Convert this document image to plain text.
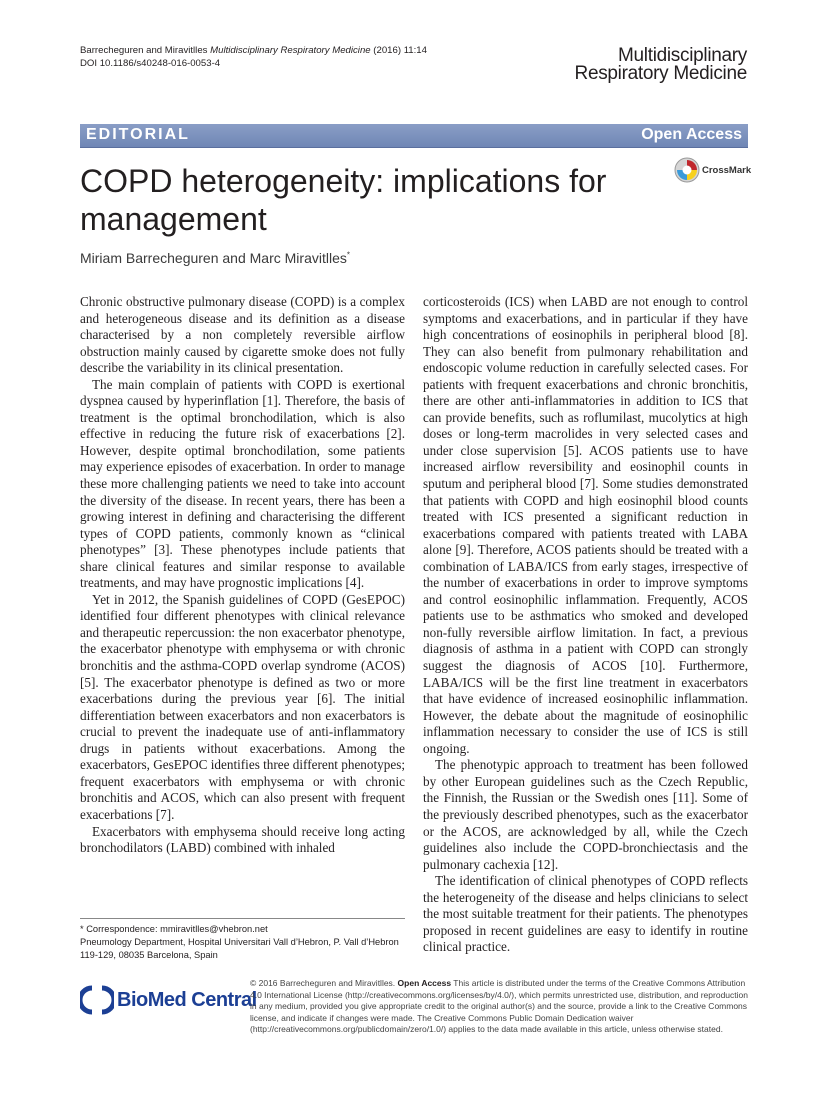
Barrecheguren and Miravitlles Multidisciplinary Respiratory Medicine (2016) 11:14
DOI 10.1186/s40248-016-0053-4	Multidisciplinary
Respiratory Medicine
EDITORIAL	Open Access
CrossMark
COPD heterogeneity: implications for management
Miriam Barrecheguren and Marc Miravitlles*

Chronic obstructive pulmonary disease (COPD) is a complex and heterogeneous disease and its definition as a disease characterised by a non completely reversible airflow obstruction mainly caused by cigarette smoke does not fully describe the variability in its clinical presentation.

The main complain of patients with COPD is exertional dyspnea caused by hyperinflation [1]. Therefore, the basis of treatment is the optimal bronchodilation, which is also effective in reducing the future risk of exacerbations [2]. However, despite optimal bronchodilation, some patients may experience episodes of exacerbation. In order to manage these more challenging patients we need to take into account the diversity of the disease. In recent years, there has been a growing interest in defining and characterising the different types of COPD patients, commonly known as “clinical phenotypes” [3]. These phenotypes include patients that share clinical features and similar response to available treatments, and may have prognostic implications [4].

Yet in 2012, the Spanish guidelines of COPD (GesEPOC) identified four different phenotypes with clinical relevance and therapeutic repercussion: the non exacerbator phenotype, the exacerbator phenotype with emphysema or with chronic bronchitis and the asthma-COPD overlap syndrome (ACOS) [5]. The exacerbator phenotype is defined as two or more exacerbations during the previous year [6]. The initial differentiation between exacerbators and non exacerbators is crucial to prevent the inadequate use of anti-inflammatory drugs in patients without exacerbations. Among the exacerbators, GesEPOC identifies three different phenotypes; frequent exacerbators with emphysema or with chronic bronchitis and ACOS, which can also present with frequent exacerbations [7].

Exacerbators with emphysema should receive long acting bronchodilators (LABD) combined with inhaled

corticosteroids (ICS) when LABD are not enough to control symptoms and exacerbations, and in particular if they have high concentrations of eosinophils in peripheral blood [8]. They can also benefit from pulmonary rehabilitation and endoscopic volume reduction in carefully selected cases. For patients with frequent exacerbations and chronic bronchitis, there are other anti-inflammatories in addition to ICS that can provide benefits, such as roflumilast, mucolytics at high doses or long-term macrolides in very selected cases and under close supervision [5]. ACOS patients use to have increased airflow reversibility and eosinophil counts in sputum and peripheral blood [7]. Some studies demonstrated that patients with COPD and high eosinophil blood counts treated with ICS presented a significant reduction in exacerbations compared with patients treated with LABA alone [9]. Therefore, ACOS patients should be treated with a combination of LABA/ICS from early stages, irrespective of the number of exacerbations in order to improve symptoms and control eosinophilic inflammation. Frequently, ACOS patients use to be asthmatics who smoked and developed non-fully reversible airflow limitation. In fact, a previous diagnosis of asthma in a patient with COPD can strongly suggest the diagnosis of ACOS [10]. Furthermore, LABA/ICS will be the first line treatment in exacerbators that have evidence of increased eosinophilic inflammation. However, the debate about the magnitude of eosinophilic inflammation necessary to consider the use of ICS is still ongoing.

The phenotypic approach to treatment has been followed by other European guidelines such as the Czech Republic, the Finnish, the Russian or the Swedish ones [11]. Some of the previously described phenotypes, such as the exacerbator or the ACOS, are acknowledged by all, while the Czech guidelines also include the COPD-bronchiectasis and the pulmonary cachexia [12].

The identification of clinical phenotypes of COPD reflects the heterogeneity of the disease and helps clinicians to select the most suitable treatment for their patients. The phenotypes proposed in recent guidelines are easy to identify in routine clinical practice.

* Correspondence: mmiravitlles@vhebron.net
Pneumology Department, Hospital Universitari Vall d’Hebron, P. Vall d’Hebron 119-129, 08035 Barcelona, Spain
BioMed Central
© 2016 Barrecheguren and Miravitlles. Open Access This article is distributed under the terms of the Creative Commons Attribution 4.0 International License (http://creativecommons.org/licenses/by/4.0/), which permits unrestricted use, distribution, and reproduction in any medium, provided you give appropriate credit to the original author(s) and the source, provide a link to the Creative Commons license, and indicate if changes were made. The Creative Commons Public Domain Dedication waiver (http://creativecommons.org/publicdomain/zero/1.0/) applies to the data made available in this article, unless otherwise stated.
